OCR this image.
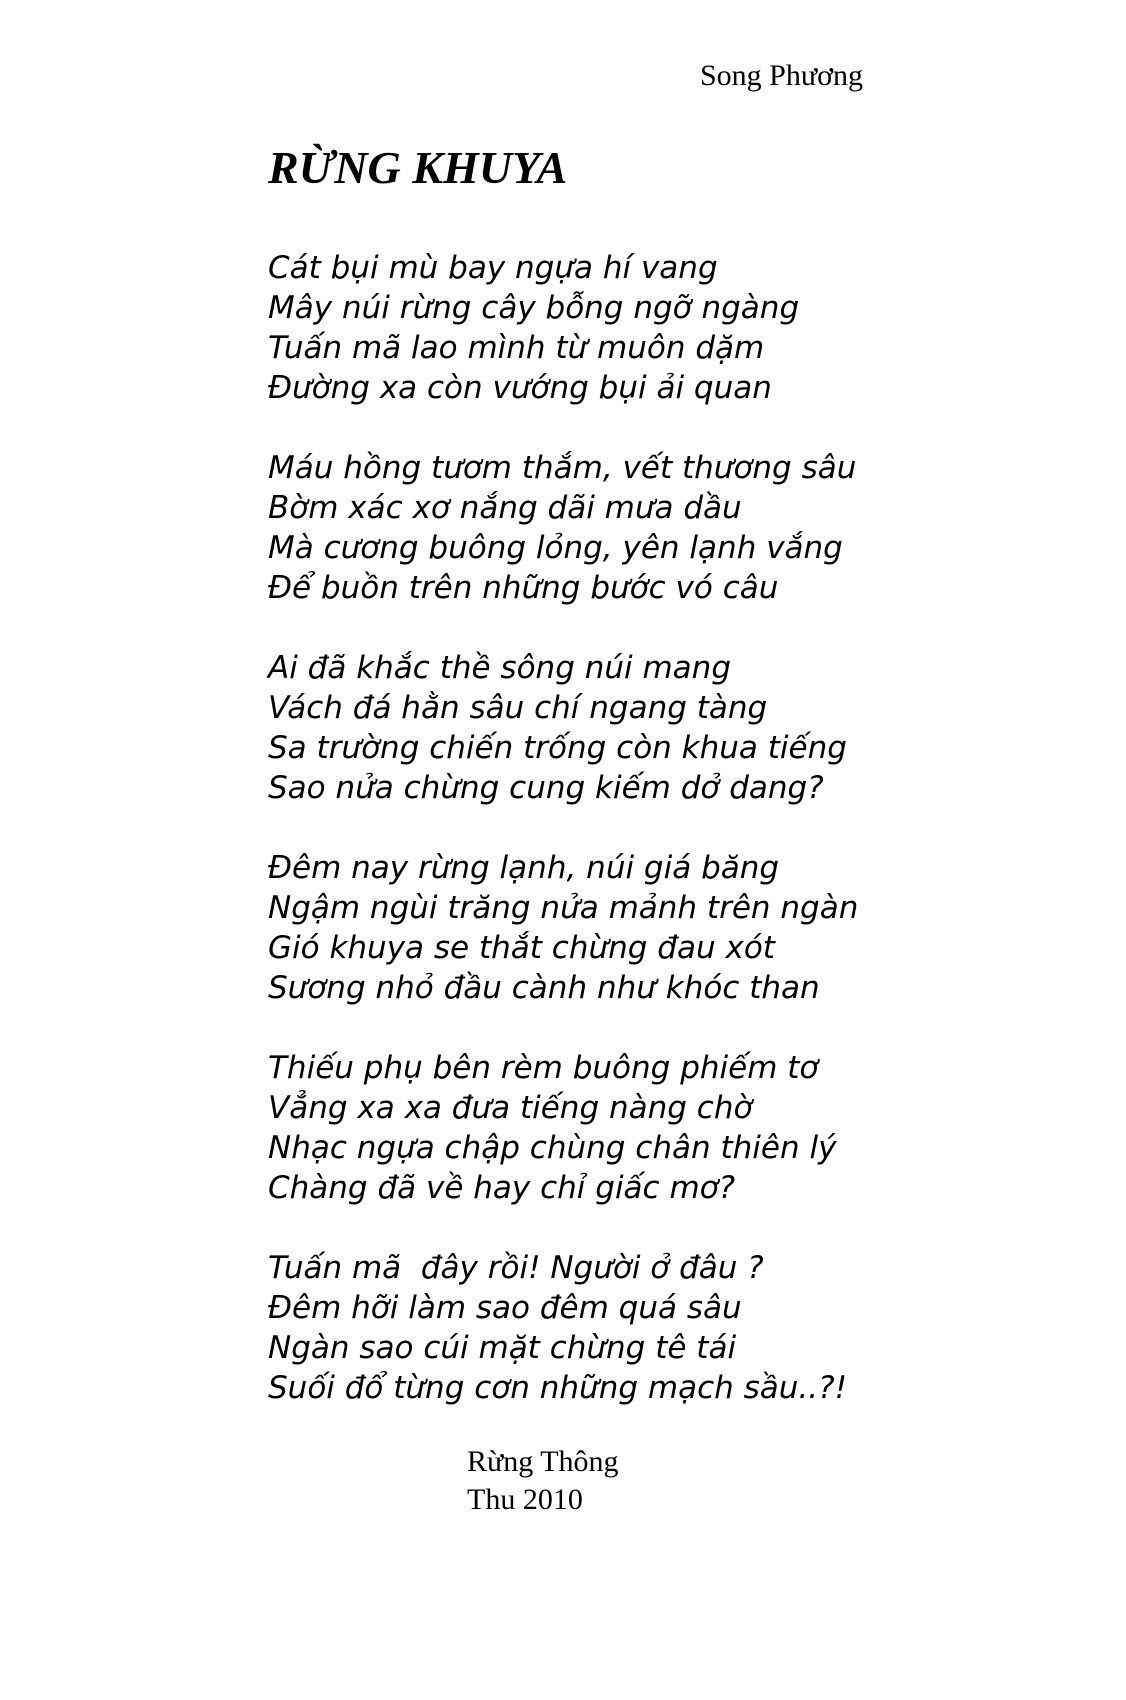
Song Phương
RỪNG KHUYA
Cát bụi mù bay ngựa hí vang
Mây núi rừng cây bỗng ngỡ ngàng
Tuấn mã lao mình từ muôn dặm
Đường xa còn vướng bụi ải quan
Máu hồng tươm thắm, vết thương sâu
Bờm xác xơ nắng dãi mưa dầu
Mà cương buông lỏng, yên lạnh vắng
Để buồn trên những bước vó câu
Ai đã khắc thề sông núi mang
Vách đá hằn sâu chí ngang tàng
Sa trường chiến trống còn khua tiếng
Sao nửa chừng cung kiếm dở dang?
Đêm nay rừng lạnh, núi giá băng
Ngậm ngùi trăng nửa mảnh trên ngàn
Gió khuya se thắt chừng đau xót
Sương nhỏ đầu cành như khóc than
Thiếu phụ bên rèm buông phiếm tơ
Vẳng xa xa đưa tiếng nàng chờ
Nhạc ngựa chập chùng chân thiên lý
Chàng đã về hay chỉ giấc mơ?
Tuấn mã  đây rồi! Người ở đâu ?
Đêm hỡi làm sao đêm quá sâu
Ngàn sao cúi mặt chừng tê tái
Suối đổ từng cơn những mạch sầu..?!
Rừng Thông
Thu 2010
